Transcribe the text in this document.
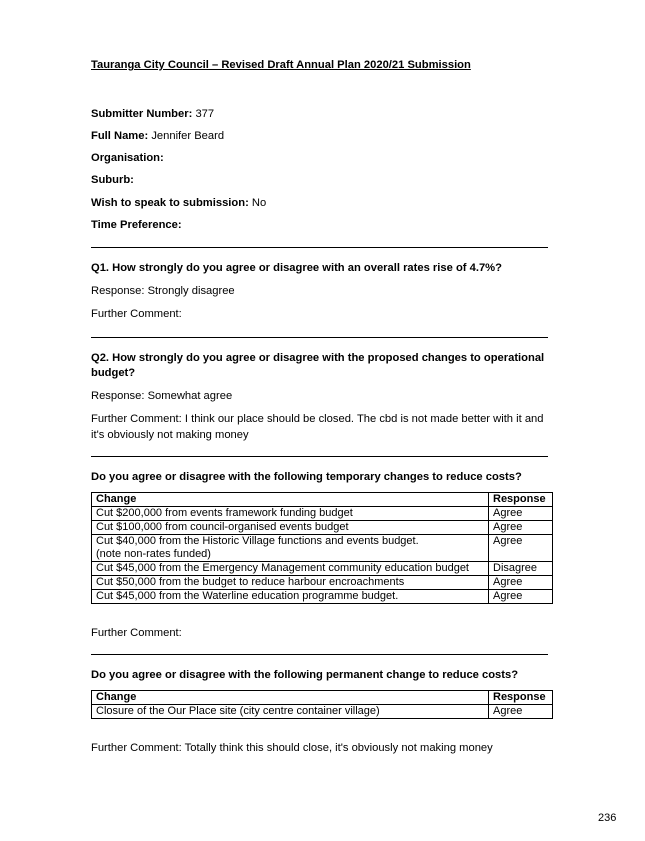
Tauranga City Council – Revised Draft Annual Plan 2020/21 Submission

Submitter Number: 377

Full Name: Jennifer Beard

Organisation:

Suburb:

Wish to speak to submission: No

Time Preference:

Q1. How strongly do you agree or disagree with an overall rates rise of 4.7%?

Response: Strongly disagree

Further Comment:

Q2. How strongly do you agree or disagree with the proposed changes to operational budget?

Response: Somewhat agree

Further Comment: I think our place should be closed. The cbd is not made better with it and it's obviously not making money

Do you agree or disagree with the following temporary changes to reduce costs?

Change	Response
Cut $200,000 from events framework funding budget	Agree
Cut $100,000 from council-organised events budget	Agree
Cut $40,000 from the Historic Village functions and events budget.
(note non-rates funded)	Agree
Cut $45,000 from the Emergency Management community education budget	Disagree
Cut $50,000 from the budget to reduce harbour encroachments	Agree
Cut $45,000 from the Waterline education programme budget.	Agree

Further Comment:

Do you agree or disagree with the following permanent change to reduce costs?

Change	Response
Closure of the Our Place site (city centre container village)	Agree

Further Comment: Totally think this should close, it's obviously not making money

236
